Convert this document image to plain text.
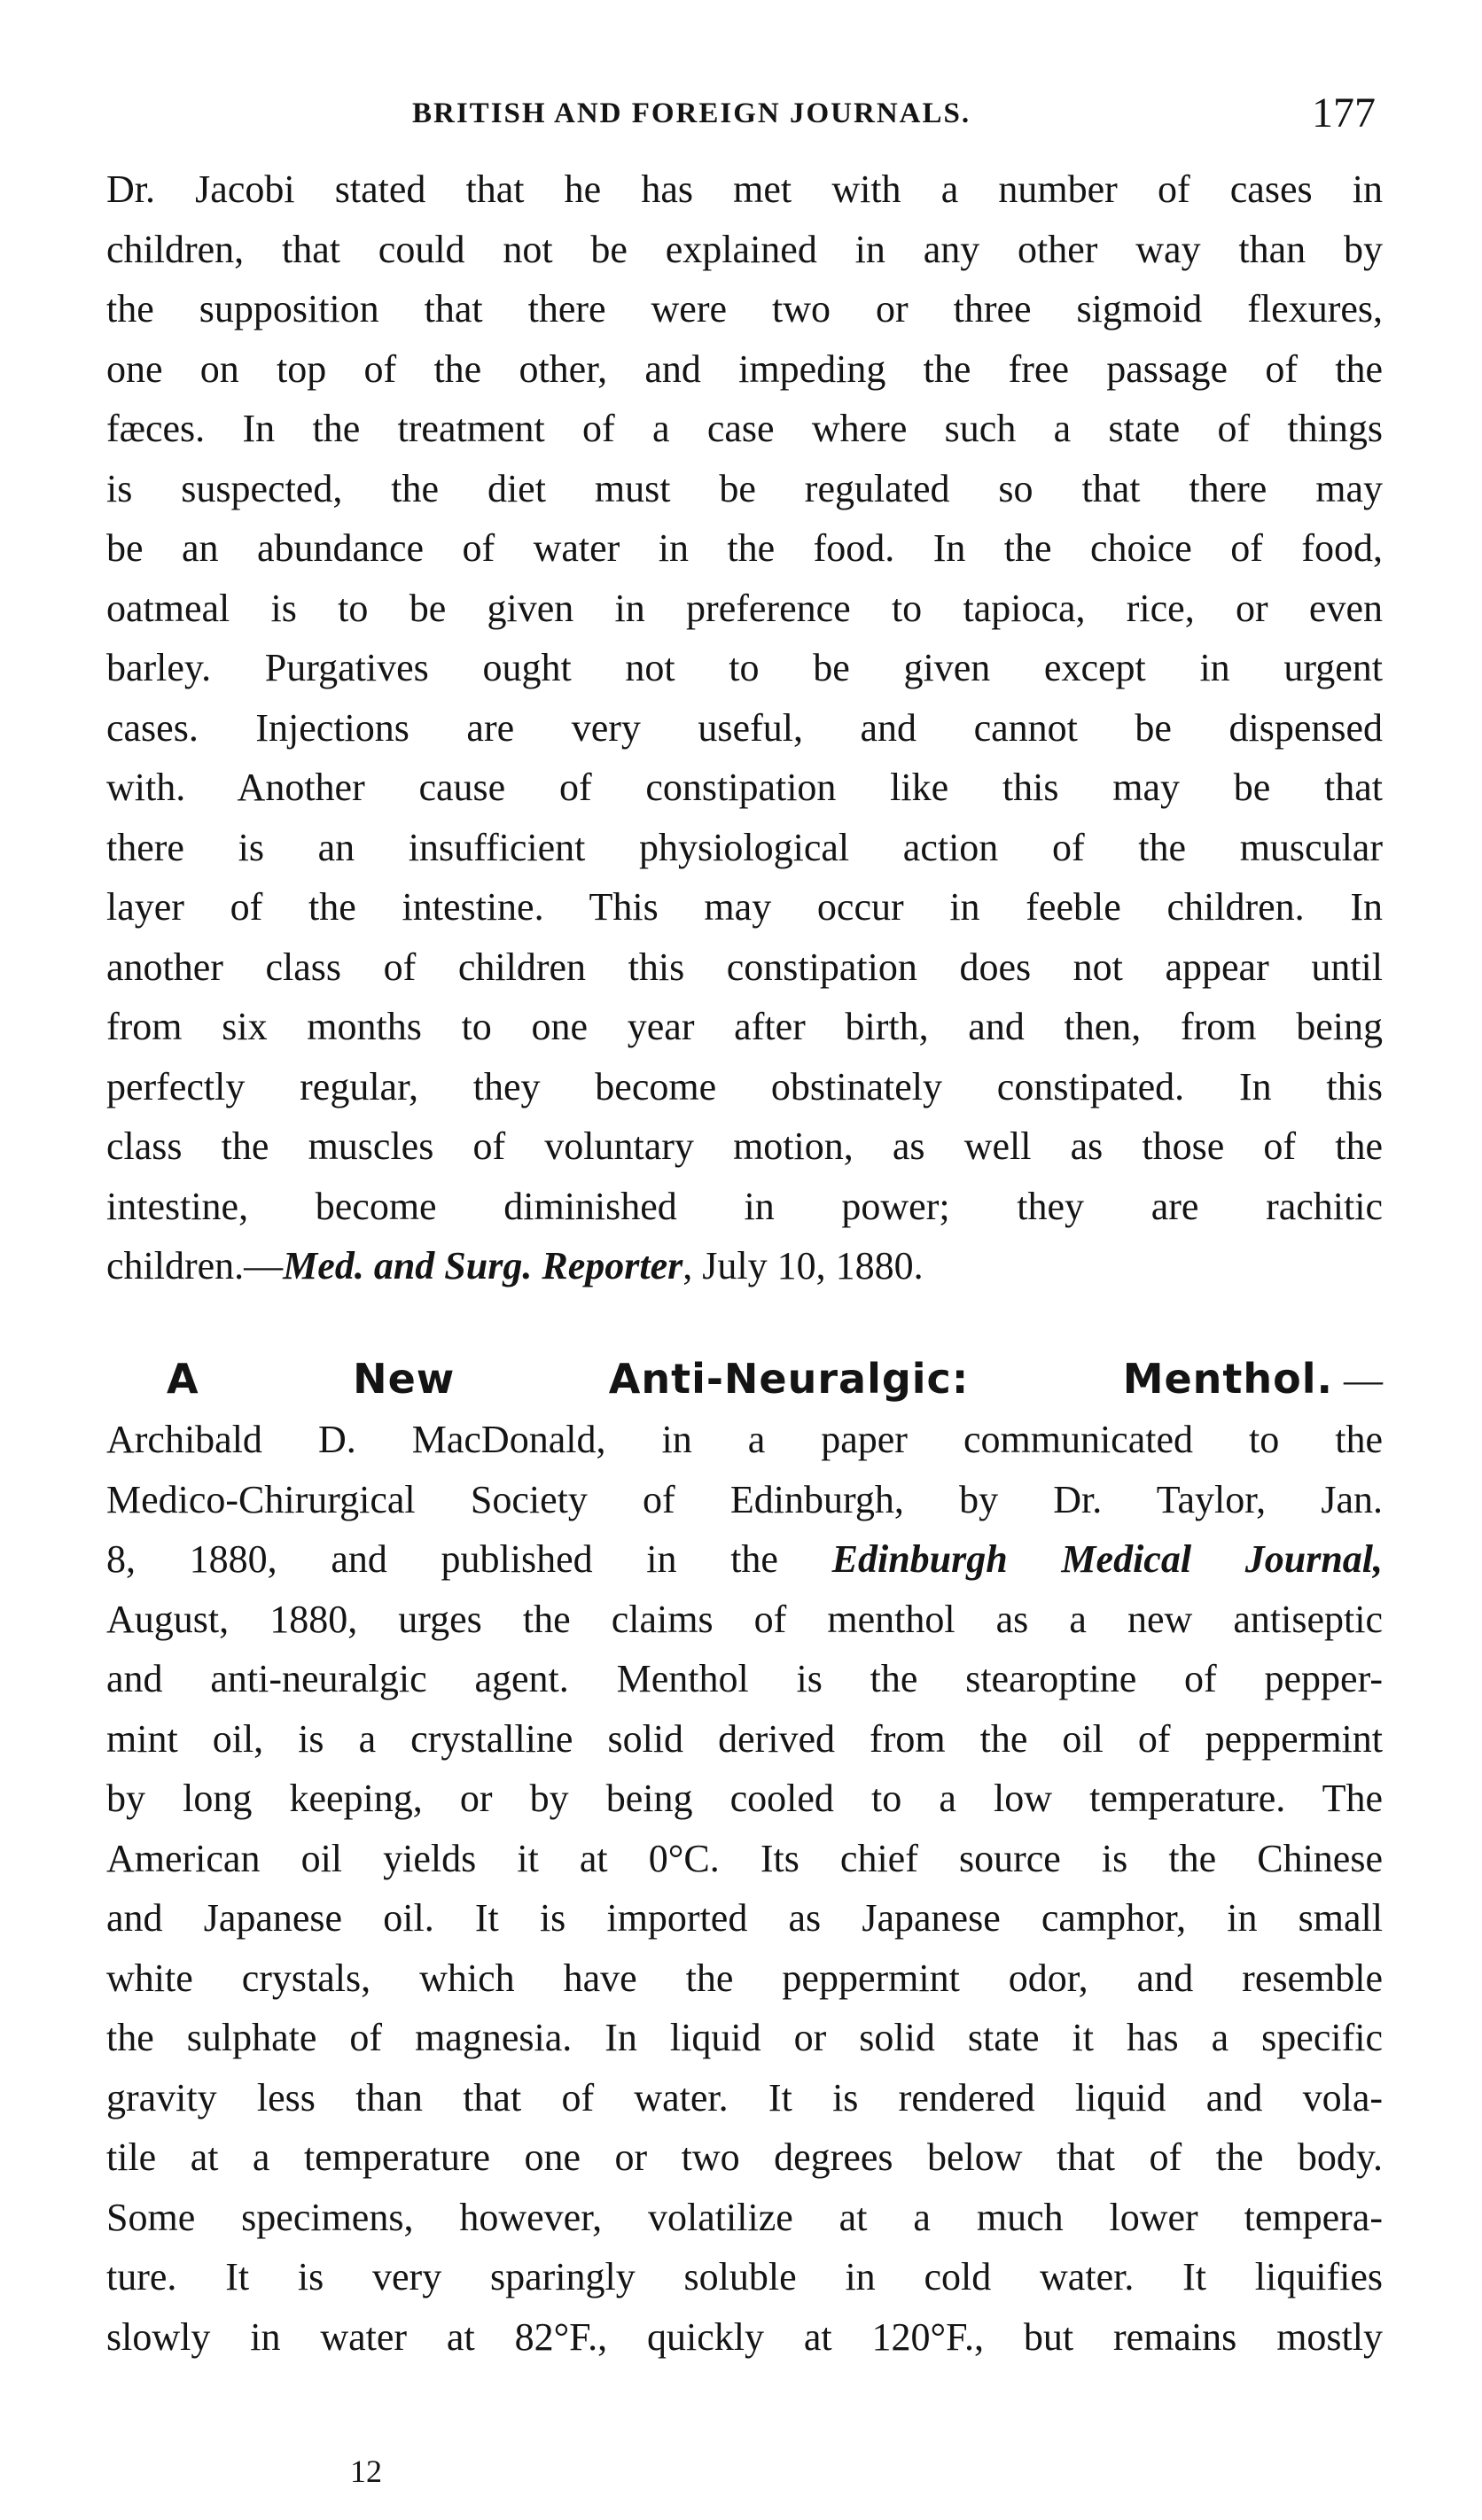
BRITISH AND FOREIGN JOURNALS.	177

Dr. Jacobi stated that he has met with a number of cases in
children, that could not be explained in any other way than by
the supposition that there were two or three sigmoid flexures,
one on top of the other, and impeding the free passage of the
fæces. In the treatment of a case where such a state of things
is suspected, the diet must be regulated so that there may
be an abundance of water in the food. In the choice of food,
oatmeal is to be given in preference to tapioca, rice, or even
barley. Purgatives ought not to be given except in urgent
cases. Injections are very useful, and cannot be dispensed
with. Another cause of constipation like this may be that
there is an insufficient physiological action of the muscular
layer of the intestine. This may occur in feeble children. In
another class of children this constipation does not appear until
from six months to one year after birth, and then, from being
perfectly regular, they become obstinately constipated. In this
class the muscles of voluntary motion, as well as those of the
intestine, become diminished in power; they are rachitic
children.—Med. and Surg. Reporter, July 10, 1880.

A New Anti-Neuralgic: Menthol. —
Archibald D. MacDonald, in a paper communicated to the
Medico-Chirurgical Society of Edinburgh, by Dr. Taylor, Jan.
8, 1880, and published in the Edinburgh Medical Journal,
August, 1880, urges the claims of menthol as a new antiseptic
and anti-neuralgic agent. Menthol is the stearoptine of pepper-
mint oil, is a crystalline solid derived from the oil of peppermint
by long keeping, or by being cooled to a low temperature. The
American oil yields it at 0°C. Its chief source is the Chinese
and Japanese oil. It is imported as Japanese camphor, in small
white crystals, which have the peppermint odor, and resemble
the sulphate of magnesia. In liquid or solid state it has a specific
gravity less than that of water. It is rendered liquid and vola-
tile at a temperature one or two degrees below that of the body.
Some specimens, however, volatilize at a much lower tempera-
ture. It is very sparingly soluble in cold water. It liquifies
slowly in water at 82°F., quickly at 120°F., but remains mostly

12
